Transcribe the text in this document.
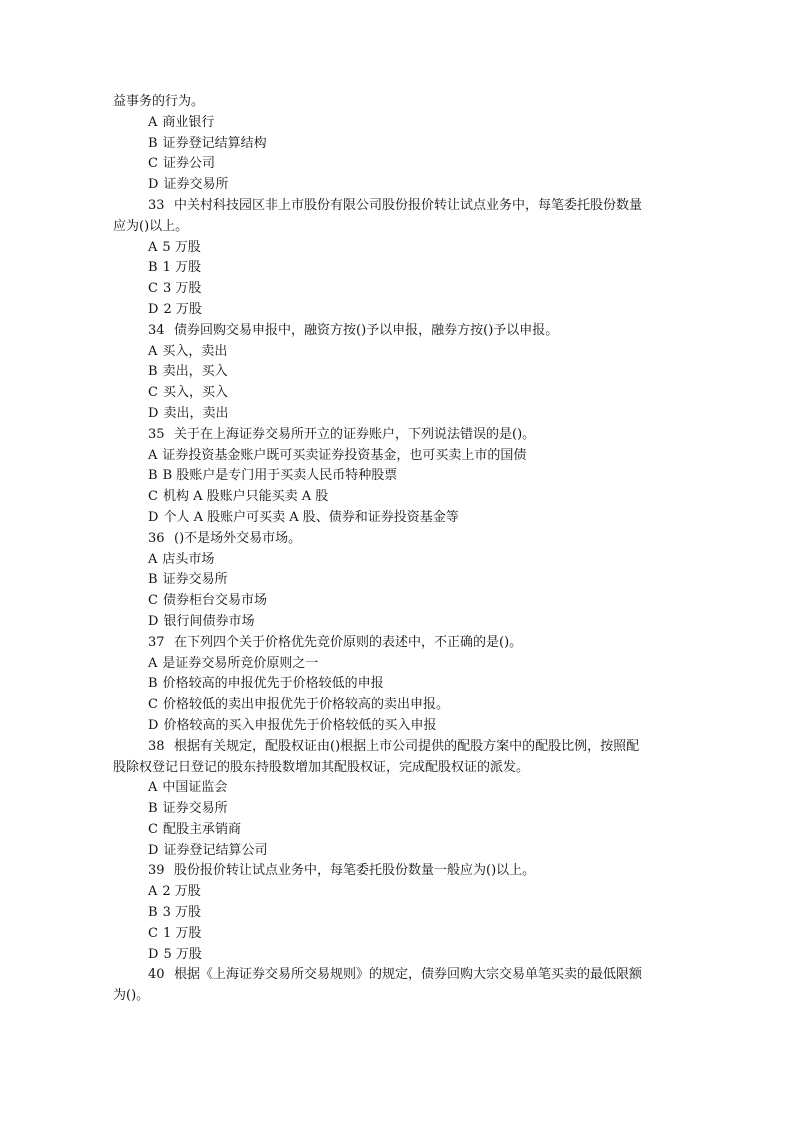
益事务的行为。
A 商业银行
B 证券登记结算结构
C 证券公司
D 证券交易所
33 中关村科技园区非上市股份有限公司股份报价转让试点业务中，每笔委托股份数量
应为()以上。
A 5 万股
B 1 万股
C 3 万股
D 2 万股
34 债券回购交易申报中，融资方按()予以申报，融券方按()予以申报。
A 买入，卖出
B 卖出，买入
C 买入，买入
D 卖出，卖出
35 关于在上海证券交易所开立的证券账户，下列说法错误的是()。
A 证券投资基金账户既可买卖证券投资基金，也可买卖上市的国债
B B 股账户是专门用于买卖人民币特种股票
C 机构 A 股账户只能买卖 A 股
D 个人 A 股账户可买卖 A 股、债券和证券投资基金等
36 ()不是场外交易市场。
A 店头市场
B 证券交易所
C 债券柜台交易市场
D 银行间债券市场
37 在下列四个关于价格优先竞价原则的表述中，不正确的是()。
A 是证券交易所竞价原则之一
B 价格较高的申报优先于价格较低的申报
C 价格较低的卖出申报优先于价格较高的卖出申报。
D 价格较高的买入申报优先于价格较低的买入申报
38 根据有关规定，配股权证由()根据上市公司提供的配股方案中的配股比例，按照配
股除权登记日登记的股东持股数增加其配股权证，完成配股权证的派发。
A 中国证监会
B 证券交易所
C 配股主承销商
D 证券登记结算公司
39 股份报价转让试点业务中，每笔委托股份数量一般应为()以上。
A 2 万股
B 3 万股
C 1 万股
D 5 万股
40 根据《上海证券交易所交易规则》的规定，债券回购大宗交易单笔买卖的最低限额
为()。
